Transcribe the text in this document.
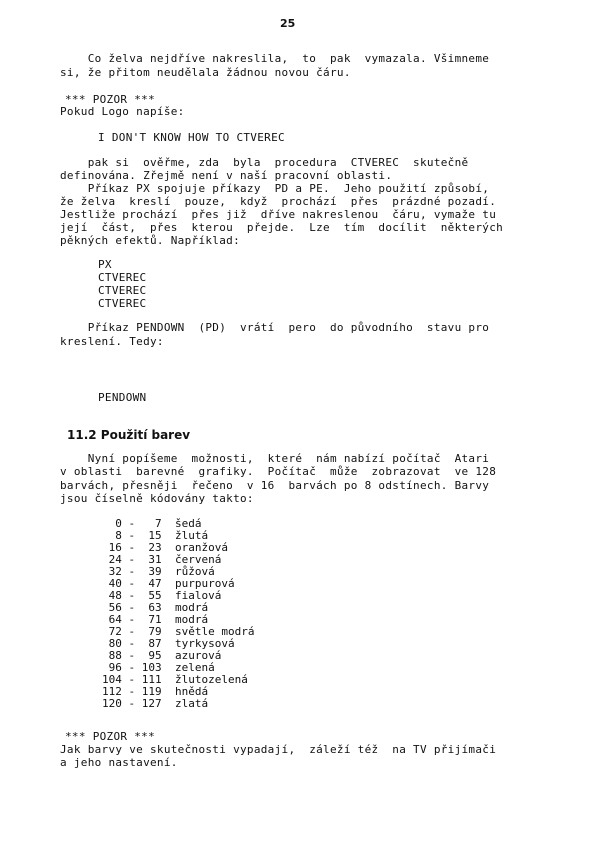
25
Co želva nejdříve nakreslila,  to  pak  vymazala. Všimneme
si, že přitom neudělala žádnou novou čáru.
*** POZOR ***
Pokud Logo napíše:
I DON'T KNOW HOW TO CTVEREC
pak si  ověřme, zda  byla  procedura  CTVEREC  skutečně
definována. Zřejmě není v naší pracovní oblasti.
Příkaz PX spojuje příkazy  PD a PE.  Jeho použití způsobí,
že želva  kreslí  pouze,  když  prochází  přes  prázdné pozadí.
Jestliže prochází  přes již  dříve nakreslenou  čáru, vymaže tu
její  část,  přes  kterou  přejde.  Lze  tím  docílit  některých
pěkných efektů. Například:
PX
CTVEREC
CTVEREC
CTVEREC
Příkaz PENDOWN  (PD)  vrátí  pero  do původního  stavu pro
kreslení. Tedy:
PENDOWN
11.2 Použití barev
Nyní popíšeme  možnosti,  které  nám nabízí počítač  Atari
v oblasti  barevné  grafiky.  Počítač  může  zobrazovat  ve 128
barvách, přesněji  řečeno  v 16  barvách po 8 odstínech. Barvy
jsou číselně kódovány takto:
0 -   7 šedá
8 -  15 žlutá
16 -  23 oranžová
24 -  31 červená
32 -  39 růžová
40 -  47 purpurová
48 -  55 fialová
56 -  63 modrá
64 -  71 modrá
72 -  79 světle modrá
80 -  87 tyrkysová
88 -  95 azurová
96 - 103 zelená
104 - 111 žlutozelená
112 - 119 hnědá
120 - 127 zlatá
*** POZOR ***
Jak barvy ve skutečnosti vypadají,  záleží též  na TV přijímači
a jeho nastavení.
